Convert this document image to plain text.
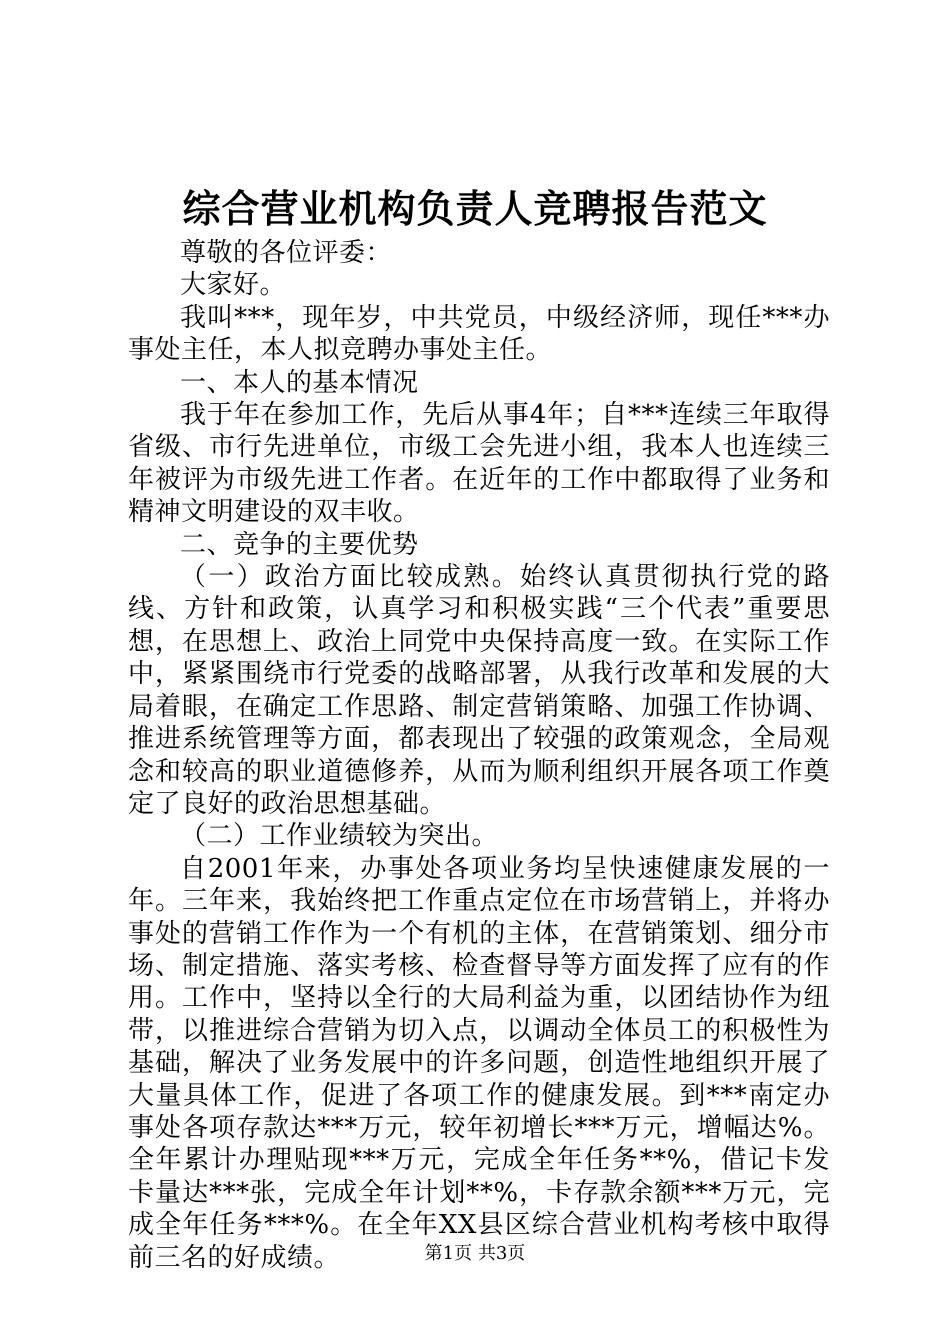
综合营业机构负责人竞聘报告范文

尊敬的各位评委：

大家好。

我叫***，现年岁，中共党员，中级经济师，现任***办事处主任，本人拟竞聘办事处主任。

一、本人的基本情况

我于年在参加工作，先后从事4年；自***连续三年取得省级、市行先进单位，市级工会先进小组，我本人也连续三年被评为市级先进工作者。在近年的工作中都取得了业务和精神文明建设的双丰收。

二、竞争的主要优势

（一）政治方面比较成熟。始终认真贯彻执行党的路线、方针和政策，认真学习和积极实践“三个代表”重要思想，在思想上、政治上同党中央保持高度一致。在实际工作中，紧紧围绕市行党委的战略部署，从我行改革和发展的大局着眼，在确定工作思路、制定营销策略、加强工作协调、推进系统管理等方面，都表现出了较强的政策观念，全局观念和较高的职业道德修养，从而为顺利组织开展各项工作奠定了良好的政治思想基础。

（二）工作业绩较为突出。

自2001年来，办事处各项业务均呈快速健康发展的一年。三年来，我始终把工作重点定位在市场营销上，并将办事处的营销工作作为一个有机的主体，在营销策划、细分市场、制定措施、落实考核、检查督导等方面发挥了应有的作用。工作中，坚持以全行的大局利益为重，以团结协作为纽带，以推进综合营销为切入点，以调动全体员工的积极性为基础，解决了业务发展中的许多问题，创造性地组织开展了大量具体工作，促进了各项工作的健康发展。到***南定办事处各项存款达***万元，较年初增长***万元，增幅达%。全年累计办理贴现***万元，完成全年任务**%，借记卡发卡量达***张，完成全年计划**%，卡存款余额***万元，完成全年任务***%。在全年XX县区综合营业机构考核中取得前三名的好成绩。	第1页 共3页
